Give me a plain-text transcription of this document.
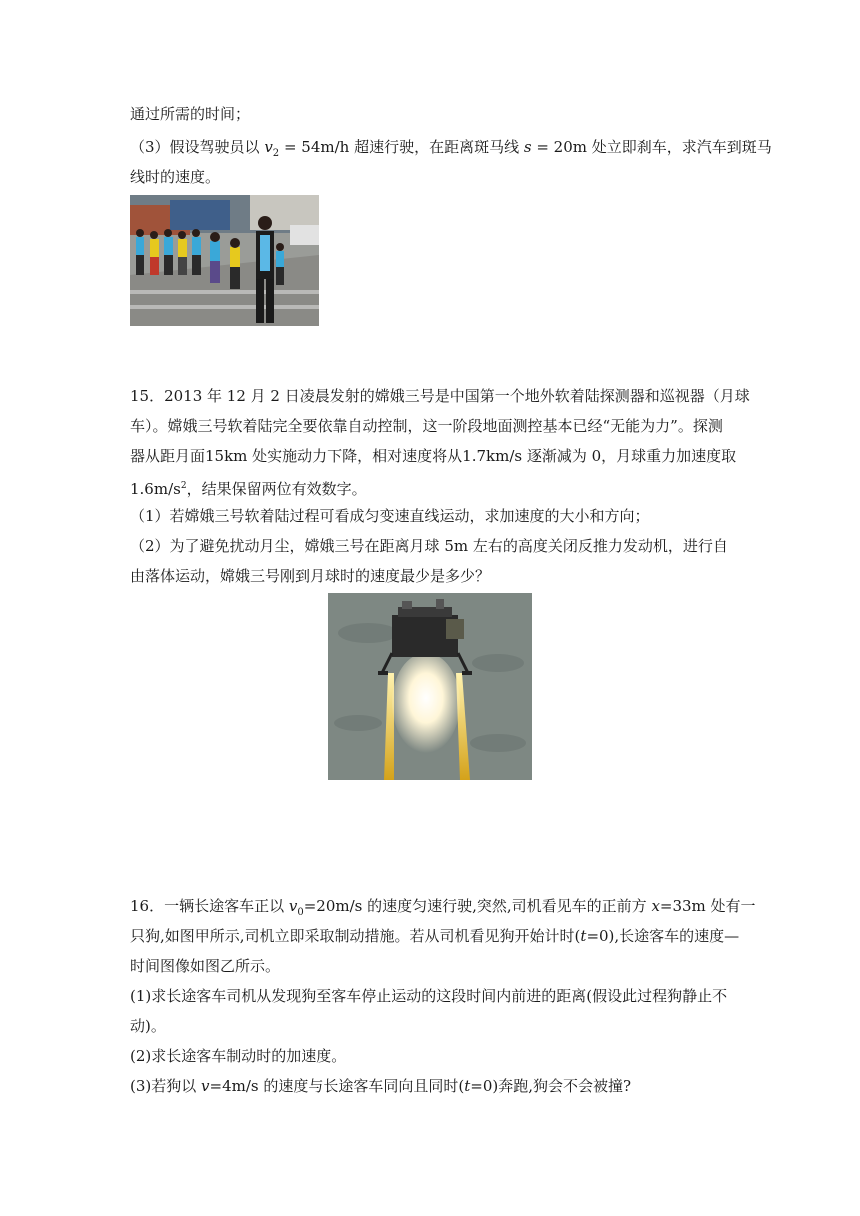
通过所需的时间；
（3）假设驾驶员以 $v_2 = 54m/h$ 超速行驶，在距离斑马线 s = 20m 处立即刹车，求汽车到斑马
线时的速度。
15．2013 年 12 月 2 日凌晨发射的嫦娥三号是中国第一个地外软着陆探测器和巡视器（月球
车）。嫦娥三号软着陆完全要依靠自动控制，这一阶段地面测控基本已经“无能为力”。探测
器从距月面15km 处实施动力下降，相对速度将从1.7km/s 逐渐减为 0，月球重力加速度取
$1.6m/s^2$，结果保留两位有效数字。
（1）若嫦娥三号软着陆过程可看成匀变速直线运动，求加速度的大小和方向；
（2）为了避免扰动月尘，嫦娥三号在距离月球 5m 左右的高度关闭反推力发动机，进行自
由落体运动，嫦娥三号刚到月球时的速度最少是多少？
16．一辆长途客车正以 $v_0=20m/s$ 的速度匀速行驶,突然,司机看见车的正前方 x=33m 处有一
只狗,如图甲所示,司机立即采取制动措施。若从司机看见狗开始计时(t=0),长途客车的速度—
时间图像如图乙所示。
(1)求长途客车司机从发现狗至客车停止运动的这段时间内前进的距离(假设此过程狗静止不
动)。
(2)求长途客车制动时的加速度。
(3)若狗以 v=4m/s 的速度与长途客车同向且同时(t=0)奔跑,狗会不会被撞?
